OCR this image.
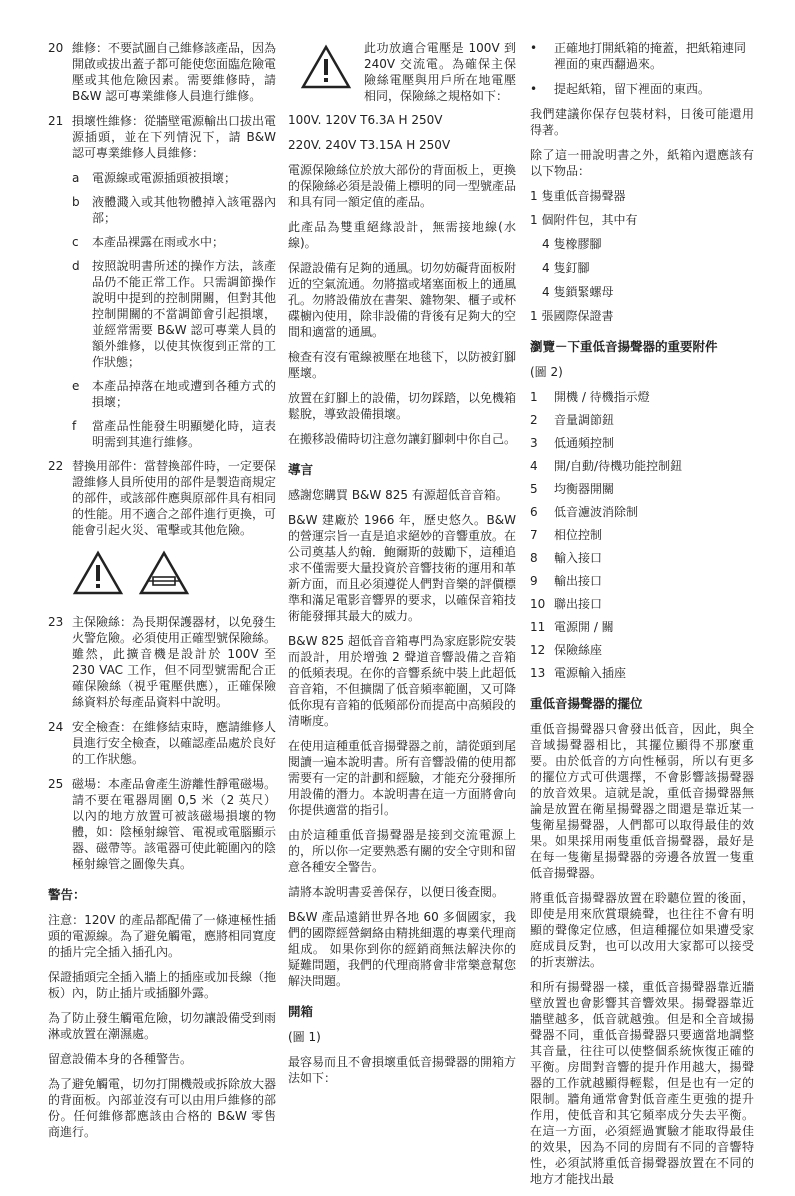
20 維修：不要試圖自己維修該產品，因為開啟或拔出蓋子都可能使您面臨危險電壓或其他危險因素。需要維修時，請 B&W 認可專業維修人員進行維修。
21 損壞性維修：從牆壁電源輸出口拔出電源插頭，並在下列情況下，請 B&W 認可專業維修人員維修：
a	電源線或電源插頭被損壞；
b	液體濺入或其他物體掉入該電器內部；
c	本產品裸露在雨或水中；
d	按照說明書所述的操作方法，該產品仍不能正常工作。只需調節操作說明中提到的控制開關，但對其他控制開關的不當調節會引起損壞，並經常需要 B&W 認可專業人員的額外維修，以使其恢復到正常的工作狀態；
e	本產品掉落在地或遭到各種方式的損壞；
f	當產品性能發生明顯變化時，這表明需到其進行維修。
22 替換用部件：當替換部件時，一定要保證維修人員所使用的部件是製造商規定的部件，或該部件應與原部件具有相同的性能。用不適合之部件進行更換，可能會引起火災、電擊或其他危險。
23 主保險絲：為長期保護器材，以免發生火警危險。必須使用正確型號保險絲。雖然，此擴音機是設計於 100V 至 230 VAC 工作，但不同型號需配合正確保險絲（視乎電壓供應），正確保險絲資料於每產品資料中說明。
24 安全檢查：在維修結束時，應請維修人員進行安全檢查，以確認產品處於良好的工作狀態。
25 磁場：本產品會產生游離性靜電磁場。請不要在電器周圍 0,5 米（2 英尺）以內的地方放置可被該磁場損壞的物體，如：陰極射線管、電視或電腦顯示器、磁帶等。該電器可使此範圍內的陰極射線管之圖像失真。
警告：

注意：120V 的產品都配備了一條連極性插頭的電源線。為了避免觸電，應將相同寬度的插片完全插入插孔內。

保證插頭完全插入牆上的插座或加長線（拖板）內，防止插片或插腳外露。

為了防止發生觸電危險，切勿讓設備受到雨淋或放置在潮濕處。

留意設備本身的各種警告。

為了避免觸電，切勿打開機殼或拆除放大器的背面板。內部並沒有可以由用戶維修的部份。任何維修都應該由合格的 B&W 零售商進行。

此功放適合電壓是 100V 到 240V 交流電。為確保主保險絲電壓與用戶所在地電壓相同，保險絲之規格如下：

100V. 120V T6.3A H 250V

220V. 240V T3.15A H 250V

電源保險絲位於放大部份的背面板上，更換的保險絲必須是設備上標明的同一型號產品和具有同一額定值的產品。

此產品為雙重絕緣設計，無需接地線(水線)。

保證設備有足夠的通風。切勿妨礙背面板附近的空氣流通。勿將擋或堵塞面板上的通風孔。勿將設備放在書架、雜物架、櫃子或杯碟櫥內使用，除非設備的背後有足夠大的空間和適當的通風。

檢查有沒有電線被壓在地毯下，以防被釘腳壓壞。

放置在釘腳上的設備，切勿踩踏，以免機箱鬆脫，導致設備損壞。

在搬移設備時切注意勿讓釘腳刺中你自己。

導言

感謝您購買 B&W 825 有源超低音音箱。

B&W 建廠於 1966 年，歷史悠久。B&W 的營運宗旨一直是追求絕妙的音響重放。在公司奠基人約翰．鮑爾斯的鼓勵下，這種追求不僅需要大量投資於音響技術的運用和革新方面，而且必須遵從人們對音樂的評價標準和滿足電影音響界的要求，以確保音箱技術能發揮其最大的威力。

B&W 825 超低音音箱專門為家庭影院安裝而設計，用於增強 2 聲道音響設備之音箱的低頻表現。在你的音響系統中裝上此超低音音箱，不但擴闊了低音頻率範圍，又可降低你現有音箱的低頻部份而提高中高頻段的清晰度。

在使用這種重低音揚聲器之前，請從頭到尾閱讀一遍本說明書。所有音響設備的使用都需要有一定的計劃和經驗，才能充分發揮所用設備的潛力。本說明書在這一方面將會向你提供適當的指引。

由於這種重低音揚聲器是接到交流電源上的，所以你一定要熟悉有關的安全守則和留意各種安全警告。

請將本說明書妥善保存，以便日後查閱。

B&W 產品遠銷世界各地 60 多個國家，我們的國際經營網絡由精挑細選的專業代理商組成。 如果你到你的經銷商無法解決你的疑難問題，我們的代理商將會非常樂意幫您解決問題。

開箱

(圖 1)

最容易而且不會損壞重低音揚聲器的開箱方法如下：

•	正確地打開紙箱的掩蓋，把紙箱連同裡面的東西翻過來。
•	提起紙箱，留下裡面的東西。

我們建議你保存包裝材料，日後可能還用得著。

除了這一冊說明書之外，紙箱內還應該有以下物品：

1 隻重低音揚聲器
1 個附件包，其中有
4 隻橡膠腳
4 隻釘腳
4 隻鎖緊螺母
1 張國際保證書
瀏覽－下重低音揚聲器的重要附件

(圖 2)

1	開機 / 待機指示燈
2	音量調節鈕
3	低通頻控制
4	開/自動/待機功能控制鈕
5	均衡器開關
6	低音濾波消除制
7	相位控制
8	輸入接口
9	輸出接口
10 聯出接口
11 電源開 / 關
12 保險絲座
13 電源輸入插座
重低音揚聲器的擺位

重低音揚聲器只會發出低音，因此，與全音域揚聲器相比，其擺位顯得不那麼重要。由於低音的方向性極弱，所以有更多的擺位方式可供選擇，不會影響該揚聲器的放音效果。這就是說，重低音揚聲器無論是放置在衛星揚聲器之間還是靠近某一隻衛星揚聲器，人們都可以取得最佳的效果。如果採用兩隻重低音揚聲器，最好是在每一隻衛星揚聲器的旁邊各放置一隻重低音揚聲器。

將重低音揚聲器放置在聆聽位置的後面，即使是用來欣賞環繞聲，也往往不會有明顯的聲像定位感，但這種擺位如果遭受家庭成員反對，也可以改用大家都可以接受的折衷辦法。

和所有揚聲器一樣，重低音揚聲器靠近牆壁放置也會影響其音響效果。揚聲器靠近牆壁越多，低音就越強。但是和全音域揚聲器不同，重低音揚聲器只要適當地調整其音量，往往可以使整個系統恢復正確的平衡。房間對音響的提升作用越大，揚聲器的工作就越顯得輕鬆，但是也有一定的限制。牆角通常會對低音產生更強的提升作用，使低音和其它頻率成分失去平衡。在這一方面，必須經過實驗才能取得最佳的效果，因為不同的房間有不同的音響特性，必須試將重低音揚聲器放置在不同的地方才能找出最
